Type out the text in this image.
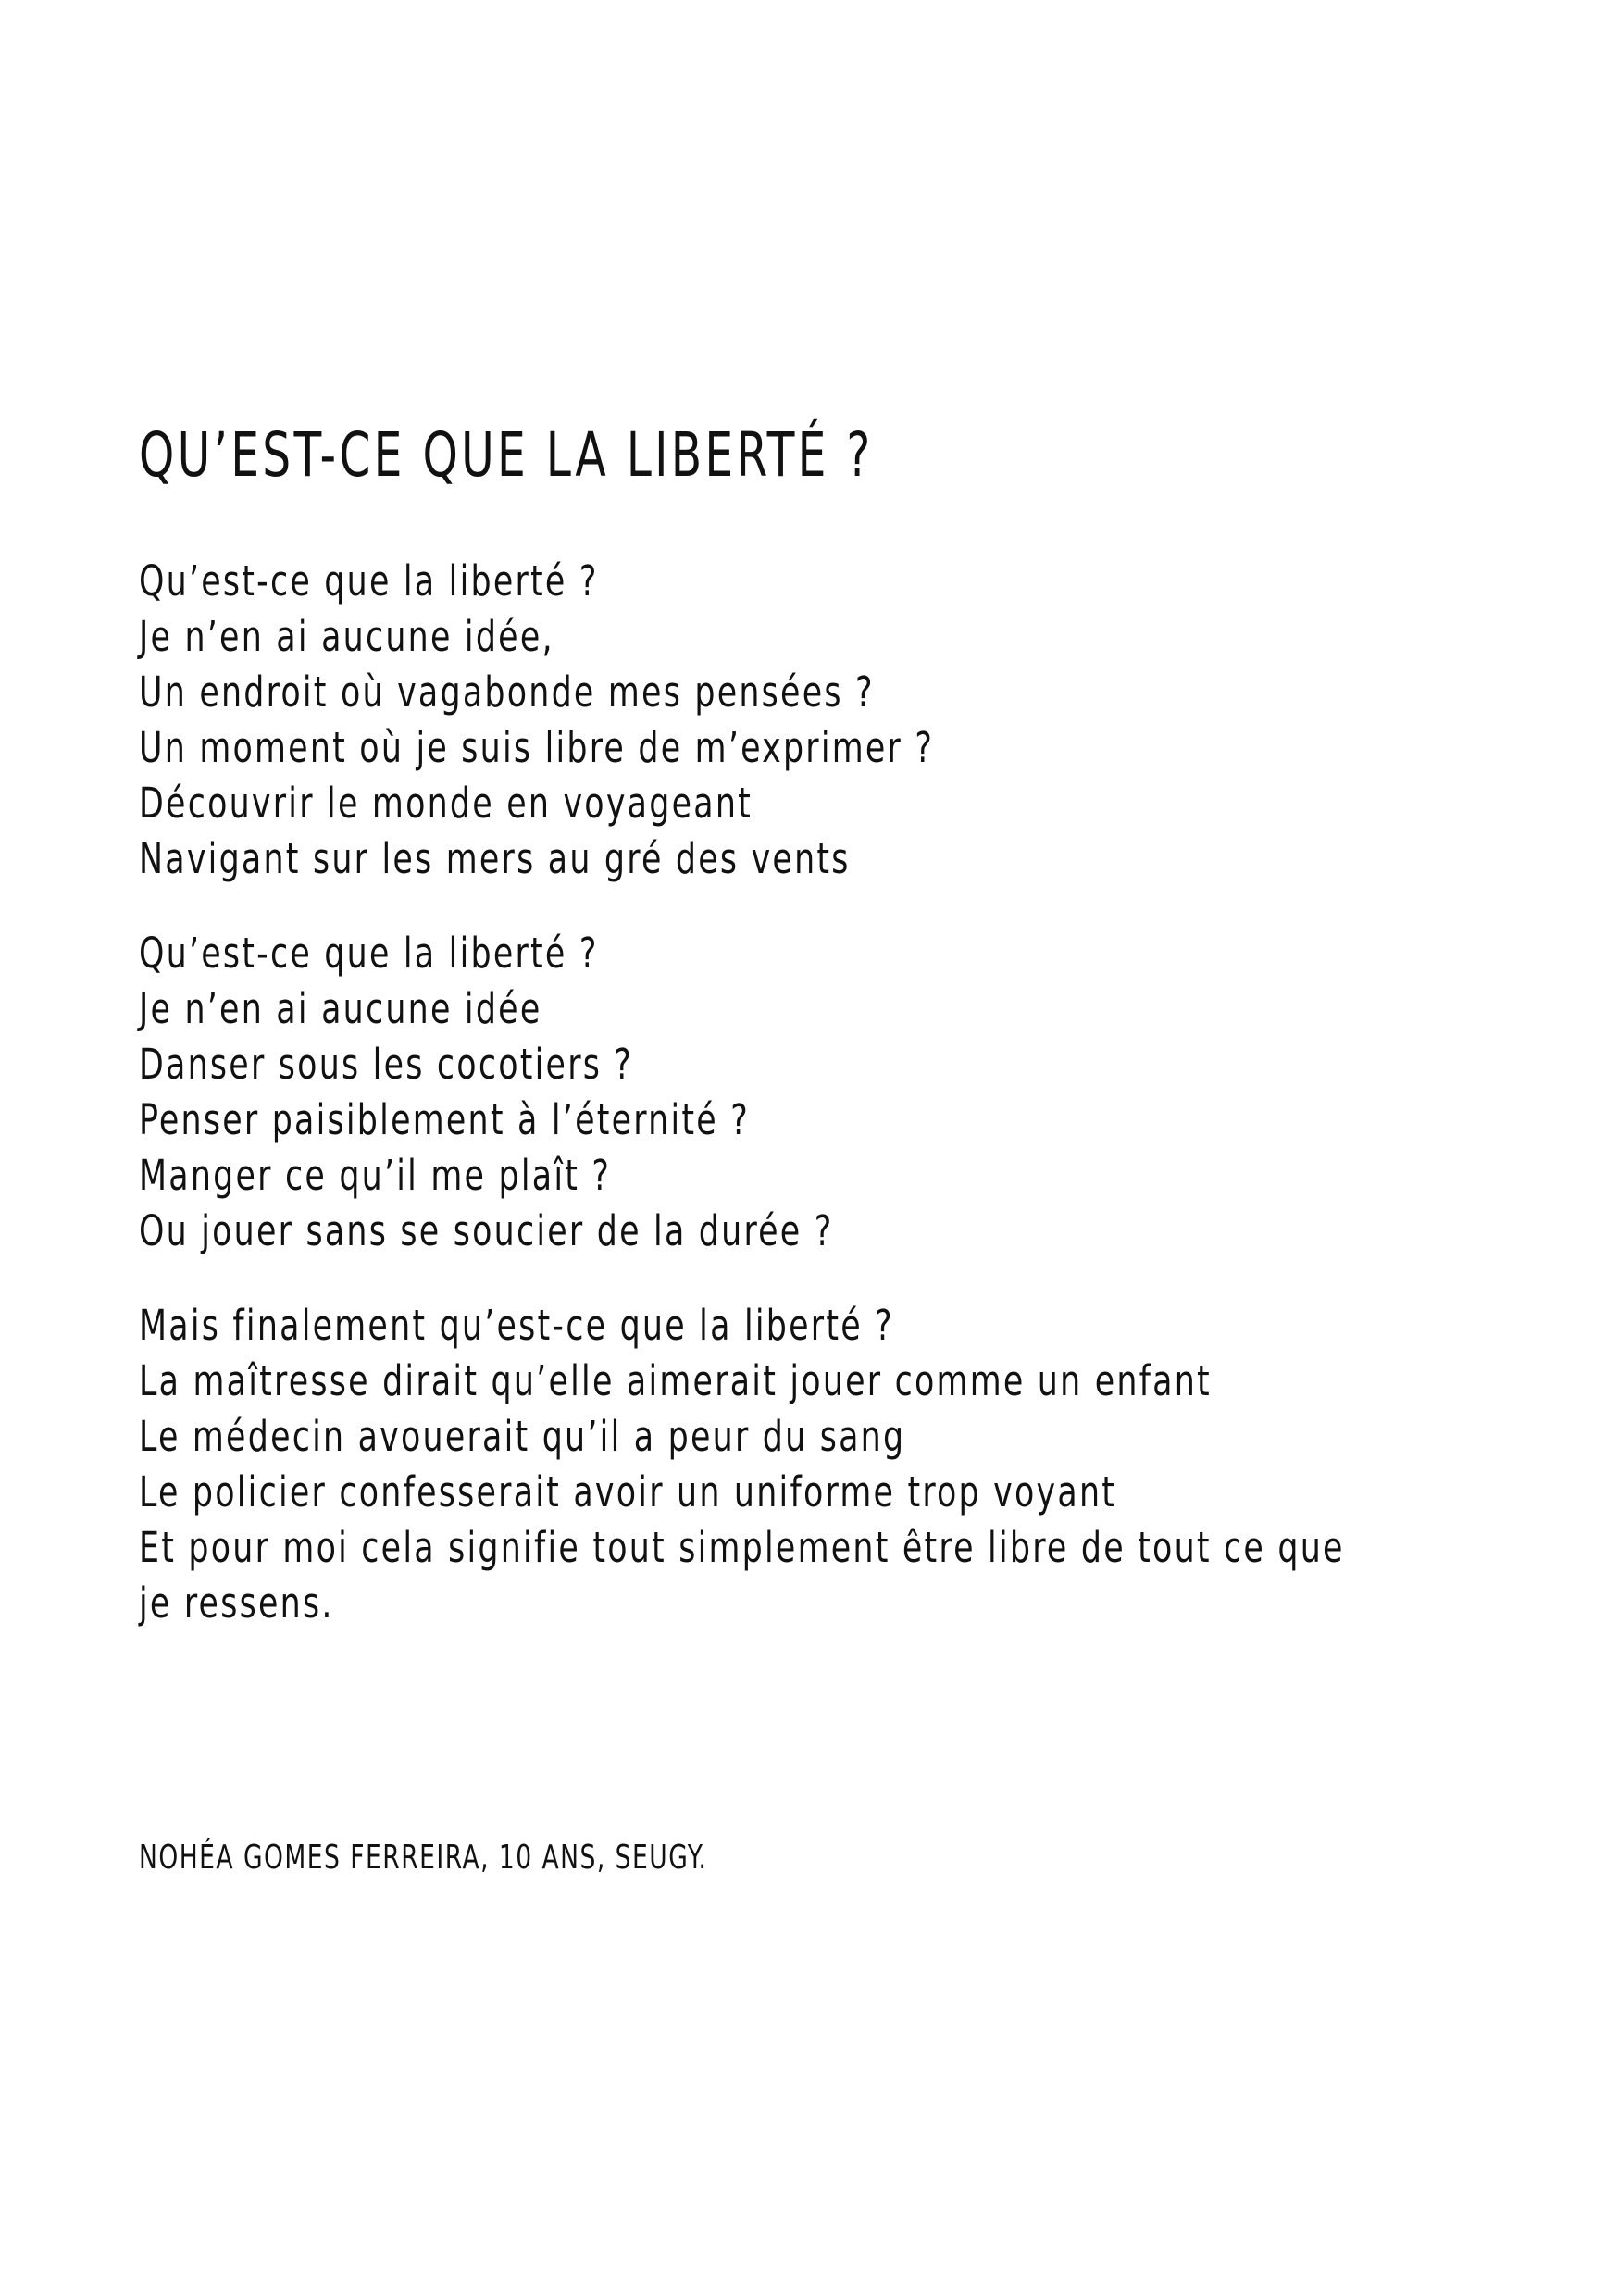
QU’EST-CE QUE LA LIBERTÉ ?

Qu’est-ce que la liberté ?
Je n’en ai aucune idée,
Un endroit où vagabonde mes pensées ?
Un moment où je suis libre de m’exprimer ?
Découvrir le monde en voyageant
Navigant sur les mers au gré des vents

Qu’est-ce que la liberté ?
Je n’en ai aucune idée
Danser sous les cocotiers ?
Penser paisiblement à l’éternité ?
Manger ce qu’il me plaît ?
Ou jouer sans se soucier de la durée ?

Mais finalement qu’est-ce que la liberté ?
La maîtresse dirait qu’elle aimerait jouer comme un enfant
Le médecin avouerait qu’il a peur du sang
Le policier confesserait avoir un uniforme trop voyant
Et pour moi cela signifie tout simplement être libre de tout ce que
je ressens.

NOHÉA GOMES FERREIRA, 10 ANS, SEUGY.
